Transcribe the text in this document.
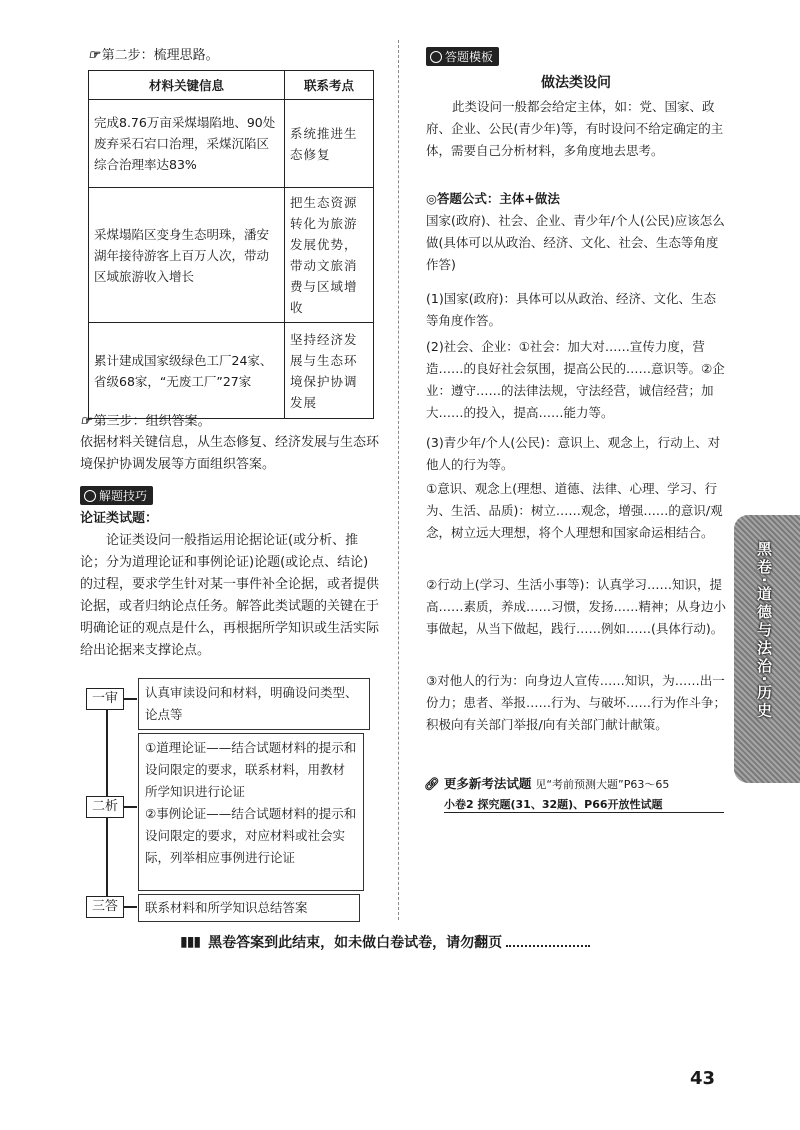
☞ 第二步：梳理思路。
材料关键信息	联系考点
完成8.76万亩采煤塌陷地、90处废弃采石宕口治理，采煤沉陷区综合治理率达83%	系统推进生态修复
采煤塌陷区变身生态明珠，潘安湖年接待游客上百万人次，带动区域旅游收入增长	把生态资源转化为旅游发展优势，带动文旅消费与区域增收
累计建成国家级绿色工厂24家、省级68家，“无废工厂”27家	坚持经济发展与生态环境保护协调发展
☞ 第三步：组织答案。
依据材料关键信息，从生态修复、经济发展与生态环境保护协调发展等方面组织答案。
解题技巧
论证类试题：
论证类设问一般指运用论据论证(或分析、推论；分为道理论证和事例论证)论题(或论点、结论)的过程，要求学生针对某一事件补全论据，或者提供论据，或者归纳论点任务。解答此类试题的关键在于明确论证的观点是什么，再根据所学知识或生活实际给出论据来支撑论点。
一审	认真审读设问和材料，明确设问类型、论点等
二析
①道理论证——结合试题材料的提示和设问限定的要求，联系材料，用教材所学知识进行论证
②事例论证——结合试题材料的提示和设问限定的要求，对应材料或社会实际，列举相应事例进行论证
三答	联系材料和所学知识总结答案
答题模板
做法类设问
此类设问一般都会给定主体，如：党、国家、政府、企业、公民(青少年)等，有时设问不给定确定的主体，需要自己分析材料，多角度地去思考。
◎答题公式：主体+做法
国家(政府)、社会、企业、青少年/个人(公民)应该怎么做(具体可以从政治、经济、文化、社会、生态等角度作答)
(1)国家(政府)：具体可以从政治、经济、文化、生态等角度作答。
(2)社会、企业：①社会：加大对……宣传力度，营造……的良好社会氛围，提高公民的……意识等。②企业：遵守……的法律法规，守法经营，诚信经营；加大……的投入，提高……能力等。
(3)青少年/个人(公民)：意识上、观念上，行动上、对他人的行为等。
①意识、观念上(理想、道德、法律、心理、学习、行为、生活、品质)：树立……观念，增强……的意识/观念，树立远大理想，将个人理想和国家命运相结合。
②行动上(学习、生活小事等)：认真学习……知识，提高……素质，养成……习惯，发扬……精神；从身边小事做起，从当下做起，践行……例如……(具体行动)。
③对他人的行为：向身边人宣传……知识，为……出一份力；患者、举报……行为、与破坏……行为作斗争；积极向有关部门举报/向有关部门献计献策。
🔗︎ 更多新考法试题 见“考前预测大题”P63～65
小卷2 探究题(31、32题)、P66开放性试题
黑卷·道德与法治·历史
▮▮▮ 黑卷答案到此结束，如未做白卷试卷，请勿翻页
43
